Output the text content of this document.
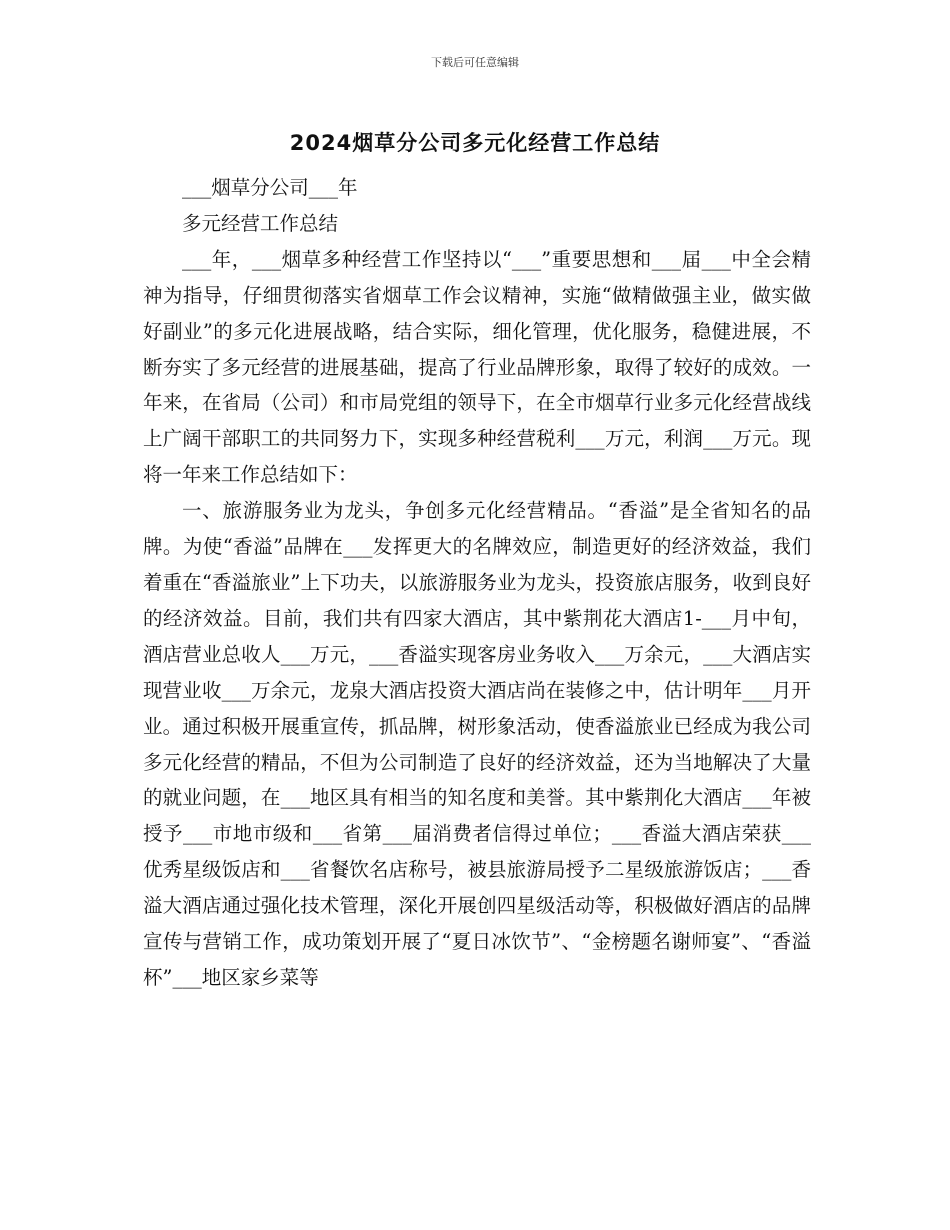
下载后可任意编辑
2024烟草分公司多元化经营工作总结

___烟草分公司___年

多元经营工作总结

___年，___烟草多种经营工作坚持以“___”重要思想和___届___中全会精神为指导，仔细贯彻落实省烟草工作会议精神，实施“做精做强主业，做实做好副业”的多元化进展战略，结合实际，细化管理，优化服务，稳健进展，不断夯实了多元经营的进展基础，提高了行业品牌形象，取得了较好的成效。一年来，在省局（公司）和市局党组的领导下，在全市烟草行业多元化经营战线上广阔干部职工的共同努力下，实现多种经营税利___万元，利润___万元。现将一年来工作总结如下：

一、旅游服务业为龙头，争创多元化经营精品。“香溢”是全省知名的品牌。为使“香溢”品牌在___发挥更大的名牌效应，制造更好的经济效益，我们着重在“香溢旅业”上下功夫，以旅游服务业为龙头，投资旅店服务，收到良好的经济效益。目前，我们共有四家大酒店，其中紫荆花大酒店1-___月中旬，酒店营业总收人___万元，___香溢实现客房业务收入___万余元，___大酒店实现营业收___万余元，龙泉大酒店投资大酒店尚在装修之中，估计明年___月开业。通过积极开展重宣传，抓品牌，树形象活动，使香溢旅业已经成为我公司多元化经营的精品，不但为公司制造了良好的经济效益，还为当地解决了大量的就业问题，在___地区具有相当的知名度和美誉。其中紫荆化大酒店___年被授予___市地市级和___省第___届消费者信得过单位；___香溢大酒店荣获___优秀星级饭店和___省餐饮名店称号，被县旅游局授予二星级旅游饭店；___香溢大酒店通过强化技术管理，深化开展创四星级活动等，积极做好酒店的品牌宣传与营销工作，成功策划开展了“夏日冰饮节”、“金榜题名谢师宴”、“香溢杯”___地区家乡菜等
